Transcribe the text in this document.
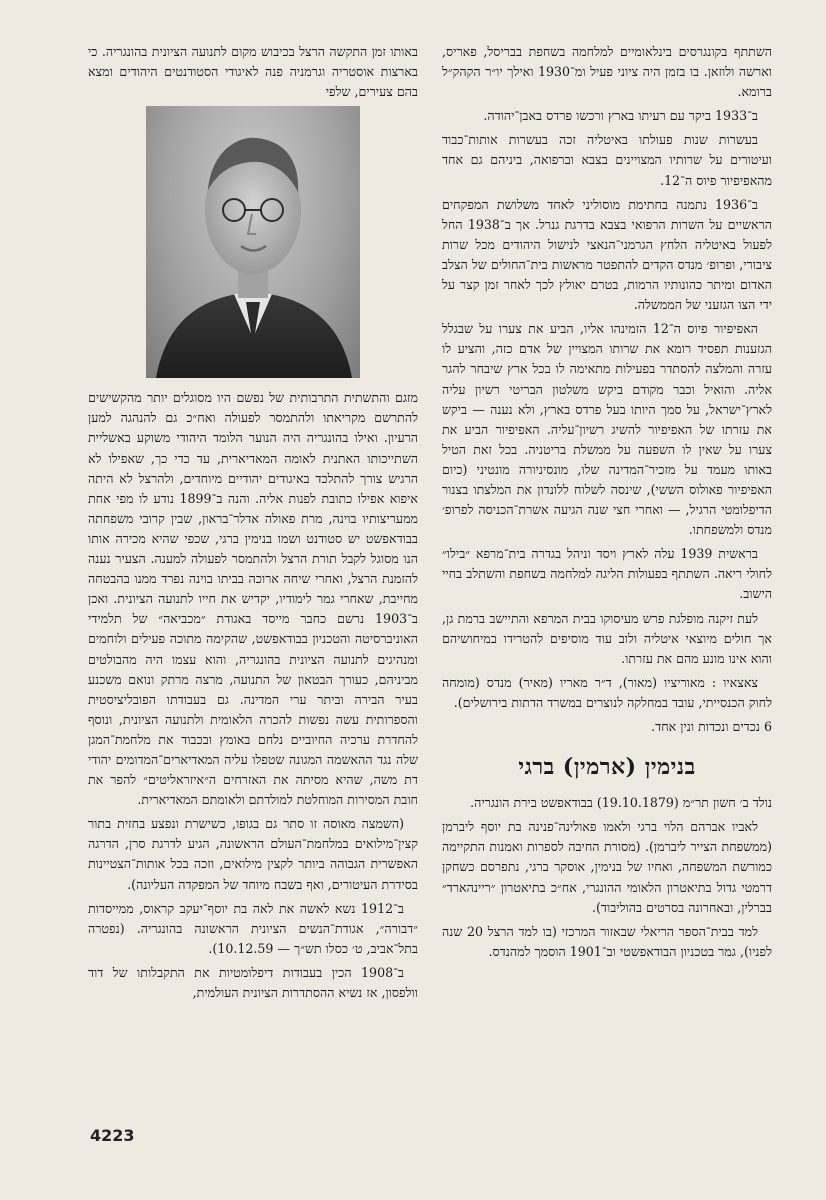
השתתף בקונגרסים בינלאומיים למלחמה בשחפת בבריסל, פאריס, וארשה ולוזאן. בו בזמן היה ציוני פעיל ומ־1930 ואילך יו״ר הקהק״ל ברומא.

ב־1933 ביקר עם רעיתו בארץ ורכשו פרדס באבן־יהודה.

בעשרות שנות פעולתו באיטליה זכה בעשרות אותות־כבוד ועיטורים על שרותיו המצויינים בצבא וברפואה, ביניהם גם אחד מהאפיפיור פיוס ה־12.

ב־1936 נתמנה בחתימת מוסוליני לאחד משלושת המפקחים הראשיים על השרות הרפואי בצבא בדרגת גנרל. אך ב־1938 החל לפעול באיטליה הלחץ הגרמני־הנאצי לנישול היהודים מכל שרות ציבורי, ופרופ׳ מנדס הקדים להתפטר מראשות בית־החולים של הצלב האדום ומיתר כהונותיו הרמות, בטרם יאולץ לכך לאחר זמן קצר על ידי הצו הגזעני של הממשלה.

האפיפיור פיוס ה־12 הזמינהו אליו, הביע את צערו על שבגלל הגזענות תפסיד רומא את שרותו המצויין של אדם כזה, והציע לו עזרה והמלצה להסתדר בפעילות מתאימה לו בכל ארץ שיבחר להגר אליה. והואיל וכבר מקודם ביקש משלטון הבריטי רשיון עליה לארץ־ישראל, על סמך היותו בעל פרדס בארץ, ולא נענה — ביקש את עזרתו של האפיפיור להשיג רשיון־עליה. האפיפיור הביע את צערו על שאין לו השפעה על ממשלת בריטניה. בכל זאת הטיל באותו מעמד על מזכיר־המדינה שלו, מונסיניורה מונטיני (כיום האפיפיור פאולוס הששי), שינסה לשלוח ללונדון את המלצתו בצנור הדיפלומטי הרגיל, — ואחרי חצי שנה הגיעה אשרת־הכניסה לפרופ׳ מנדס ולמשפחתו.

בראשית 1939 עלה לארץ ויסד וניהל בגדרה בית־מרפא ״בילו״ לחולי ריאה. השתתף בפעולות הליגה למלחמה בשחפת והשתלב בחיי הישוב.

לעת זיקנה מופלגת פרש מעיסוקו בבית המרפא והתיישב ברמת גן, אך חולים מיוצאי איטליה ולוב עוד מוסיפים להטרידו במיחושיהם והוא אינו מונע מהם את עזרתו.

צאצאיו : מאוריציו (מאור), ד״ר מאריו (מאיר) מנדס (מומחה לחוק הכנסייתי, עובד במחלקה לנוצרים במשרד הדתות בירושלים).

6 נכדים ונכדות ונין אחד.

בנימין (ארמין) ברגי

נולד ב׳ חשון תר״מ (19.10.1879) בבודאפשט בירת הונגריה.

לאביו אברהם הלוי ברגי ולאמו פאולינה־פנינה בת יוסף ליברמן (ממשפחת הצייר ליברמן). (מסורת החיבה לספרות ואמנות התקיימה כמורשת המשפחה, ואחיו של בנימין, אוסקר ברגי, נתפרסם כשחקן דרמטי גדול בתיאטרון הלאומי ההונגרי, אח״כ בתיאטרון ״ריינהארד״ בברלין, ובאחרונה בסרטים בהוליבוד).

למד בבית־הספר הריאלי שבאזור המרכזי (בו למד הרצל 20 שנה לפניו), גמר בטכניון הבודאפשטי וב־1901 הוסמך למהנדס.

באותו זמן התקשה הרצל בכיבוש מקום לתנועה הציונית בהונגריה. כי בארצות אוסטריה וגרמניה פנה לאיגודי הסטודנטים היהודים ומצא בהם צעירים, שלפי

מזגם והתשתית התרבותית של נפשם היו מסוגלים יותר מהקשישים להתרשם מקריאתו ולהתמסר לפעולה ואח״כ גם להנהגה למען הרעיון. ואילו בהונגריה היה הנוער הלומד היהודי משוקע באשליית השתייכותו האתנית לאומה המאדיארית, עד כדי כך, שאפילו לא הרגיש צורך להתלכד באיגודים יהודיים מיוחדים, ולהרצל לא היתה איפוא אפילו כתובת לפנות אליה. והנה ב־1899 נודע לו מפי אחת ממעריצותיו בוינה, מרת פאולה אדלר־בראון, שבין קרובי משפחתה בבודאפשט יש סטודנט ושמו בנימין ברגי, שכפי שהיא מכירה אותו הנו מסוגל לקבל תורת הרצל ולהתמסר לפעולה למענה. הצעיר נענה להזמנת הרצל, ואחרי שיחה ארוכה בביתו בוינה נפרד ממנו בהבטחה מחייבת, שאחרי גמר לימודיו, יקדיש את חייו לתנועה הציונית. ואכן ב־1903 נרשם כחבר מייסד באגודת ״מכביאה״ של תלמידי האוניברסיטה והטכניון בבודאפשט, שהקימה מתוכה פעילים ולוחמים ומנהיגים לתנועה הציונית בהונגריה, והוא עצמו היה מהבולטים מביניהם, כעורך הבטאון של התנועה, מרצה מרתק ונואם משכנע בעיר הבירה וביתר ערי המדינה. גם בעבודתו הפובליציסטית והספרותית עשה נפשות להכרה הלאומית ולתנועה הציונית, ונוסף להחדרת ערכיה החיוביים נלחם באומץ ובכבוד את מלחמת־המגן שלה נגד ההאשמה המגונה שטפלו עליה המאדיארים־המדומים יהודי דת משה, שהיא מסיתה את האזרחים ה״איזראליטים״ להפר את חובת המסירות המוחלטת למולדתם ולאומתם המאדיארית.

(השמצה מאוסה זו סתר גם בגופו, כשישרת ונפצע בחזית בתור קצין־מילואים במלחמת־העולם הראשונה, הגיע לדרגת סרן, הדרגה האפשרית הגבוהה ביותר לקצין מילואים, וזכה בכל אותות־הצטיינות בסידרת העיטורים, ואף בשבח מיוחד של המפקדה העליונה).

ב־1912 נשא לאשה את לאה בת יוסף־יעקב קראוס, ממייסדות ״דבורה״, אגודת־הנשים הציונית הראשונה בהונגריה. (נפטרה בתל־אביב, ט׳ כסלו תש״ך — 10.12.59).

ב־1908 הכין בעבודות דיפלומטיות את התקבלותו של דוד וולפסון, אז נשיא ההסתדרות הציונית העולמית,

4223
